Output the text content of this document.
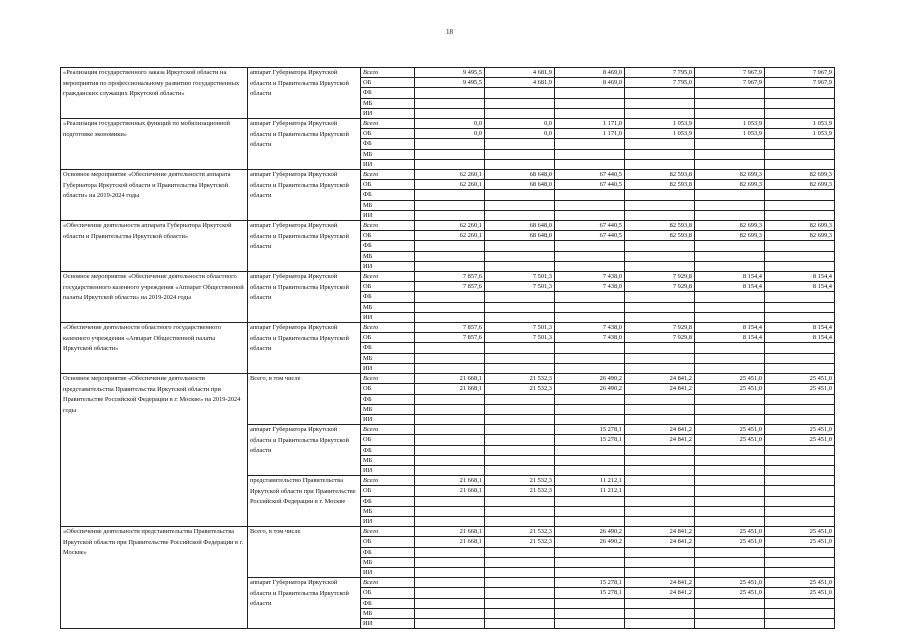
18
«Реализация государственного заказа Иркутской области на мероприятия по профессиональному развитию государственных гражданских служащих Иркутской области»	аппарат Губернатора Иркутской области и Правительства Иркутской области	Всего	9 495,5	4 681,9	8 469,0	7 795,0	7 967,9	7 967,9
		ОБ	9 495,5	4 681,9	8 469,0	7 795,0	7 967,9	7 967,9
		ФБ						
		МБ						
		ИИ						
«Реализация государственных функций по мобилизационной подготовке экономики»	аппарат Губернатора Иркутской области и Правительства Иркутской области	Всего	0,0	0,0	1 171,0	1 053,9	1 053,9	1 053,9
		ОБ	0,0	0,0	1 171,0	1 053,9	1 053,9	1 053,9
		ФБ						
		МБ						
		ИИ						
Основное мероприятие «Обеспечение деятельности аппарата Губернатора Иркутской области и Правительства Иркутской области» на 2019-2024 годы	аппарат Губернатора Иркутской области и Правительства Иркутской области	Всего	62 260,1	68 648,0	67 440,5	82 593,8	82 699,3	82 699,3
		ОБ	62 260,1	68 648,0	67 440,5	82 593,8	82 699,3	82 699,3
		ФБ						
		МБ						
		ИИ						
«Обеспечение деятельности аппарата Губернатора Иркутской области и Правительства Иркутской области»	аппарат Губернатора Иркутской области и Правительства Иркутской области	Всего	62 260,1	68 648,0	67 440,5	82 593,8	82 699,3	82 699,3
		ОБ	62 260,1	68 648,0	67 440,5	82 593,8	82 699,3	82 699,3
		ФБ						
		МБ						
		ИИ						
Основное мероприятие «Обеспечение деятельности областного государственного казенного учреждения «Аппарат Общественной палаты Иркутской области» на 2019-2024 годы	аппарат Губернатора Иркутской области и Правительства Иркутской области	Всего	7 857,6	7 501,3	7 438,0	7 929,8	8 154,4	8 154,4
		ОБ	7 857,6	7 501,3	7 438,0	7 929,8	8 154,4	8 154,4
		ФБ						
		МБ						
		ИИ						
«Обеспечение деятельности областного государственного казенного учреждения «Аппарат Общественной палаты Иркутской области»	аппарат Губернатора Иркутской области и Правительства Иркутской области	Всего	7 857,6	7 501,3	7 438,0	7 929,8	8 154,4	8 154,4
		ОБ	7 857,6	7 501,3	7 438,0	7 929,8	8 154,4	8 154,4
		ФБ						
		МБ						
		ИИ						
Основное мероприятие «Обеспечение деятельности представительства Правительства Иркутской области при Правительстве Российской Федерации в г. Москве» на 2019-2024 годы	Всего, в том числе	Всего	21 668,1	21 532,3	26 490,2	24 841,2	25 451,0	25 451,0
		ОБ	21 668,1	21 532,3	26 490,2	24 841,2	25 451,0	25 451,0
		ФБ						
		МБ						
		ИИ						
	аппарат Губернатора Иркутской области и Правительства Иркутской области	Всего			15 278,1	24 841,2	25 451,0	25 451,0
		ОБ			15 278,1	24 841,2	25 451,0	25 451,0
		ФБ						
		МБ						
		ИИ						
	представительство Правительства Иркутской области при Правительстве Российской Федерации в г. Москве	Всего	21 668,1	21 532,3	11 212,1			
		ОБ	21 668,1	21 532,3	11 212,1			
		ФБ						
		МБ						
		ИИ						
«Обеспечение деятельности представительства Правительства Иркутской области при Правительстве Российской Федерации в г. Москве»	Всего, в том числе	Всего	21 668,1	21 532,3	26 490,2	24 841,2	25 451,0	25 451,0
		ОБ	21 668,1	21 532,3	26 490,2	24 841,2	25 451,0	25 451,0
		ФБ						
		МБ						
		ИИ						
	аппарат Губернатора Иркутской области и Правительства Иркутской области	Всего			15 278,1	24 841,2	25 451,0	25 451,0
		ОБ			15 278,1	24 841,2	25 451,0	25 451,0
		ФБ						
		МБ						
		ИИ						
